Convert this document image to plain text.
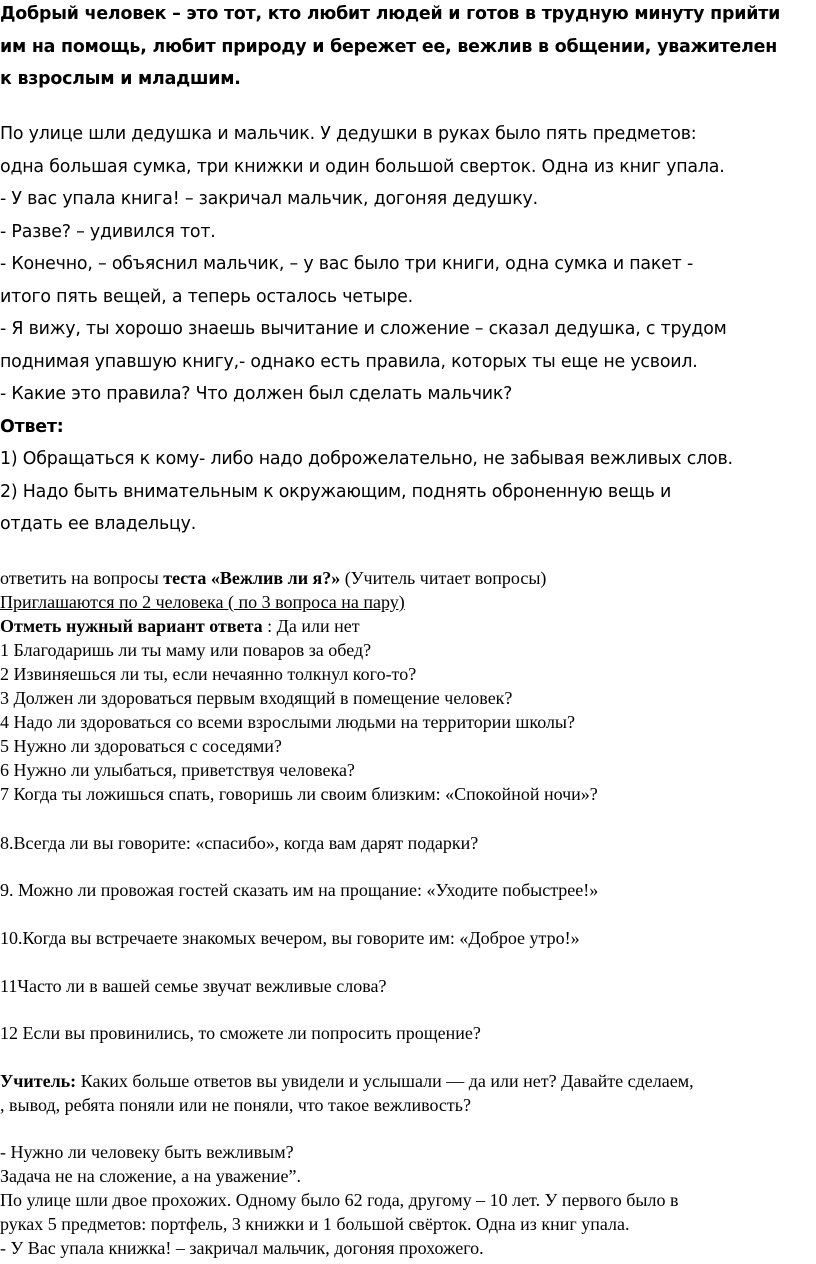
Добрый человек – это тот, кто любит людей и готов в трудную минуту прийти
им на помощь, любит природу и бережет ее, вежлив в общении, уважителен
к взрослым и младшим.
По улице шли дедушка и мальчик. У дедушки в руках было пять предметов:
одна большая сумка, три книжки и один большой сверток. Одна из книг упала.
- У вас упала книга! – закричал мальчик, догоняя дедушку.
- Разве? – удивился тот.
- Конечно, – объяснил мальчик, – у вас было три книги, одна сумка и пакет -
итого пять вещей, а теперь осталось четыре.
- Я вижу, ты хорошо знаешь вычитание и сложение – сказал дедушка, с трудом
поднимая упавшую книгу,- однако есть правила, которых ты еще не усвоил.
- Какие это правила? Что должен был сделать мальчик?
Ответ:
1) Обращаться к кому- либо надо доброжелательно, не забывая вежливых слов.
2) Надо быть внимательным к окружающим, поднять оброненную вещь и
отдать ее владельцу.
ответить на вопросы теста «Вежлив ли я?» (Учитель читает вопросы)
Приглашаются по 2 человека ( по 3 вопроса на пару)
Отметь нужный вариант ответа : Да или нет
1 Благодаришь ли ты маму или поваров за обед?
2 Извиняешься ли ты, если нечаянно толкнул кого-то?
3 Должен ли здороваться первым входящий в помещение человек?
4 Надо ли здороваться со всеми взрослыми людьми на территории школы?
5 Нужно ли здороваться с соседями?
6 Нужно ли улыбаться, приветствуя человека?
7 Когда ты ложишься спать, говоришь ли своим близким: «Спокойной ночи»?
8.Всегда ли вы говорите: «спасибо», когда вам дарят подарки?
9. Можно ли провожая гостей сказать им на прощание: «Уходите побыстрее!»
10.Когда вы встречаете знакомых вечером, вы говорите им: «Доброе утро!»
11Часто ли в вашей семье звучат вежливые слова?
12 Если вы провинились, то сможете ли попросить прощение?
Учитель: Каких больше ответов вы увидели и услышали — да или нет? Давайте сделаем,
, вывод, ребята поняли или не поняли, что такое вежливость?
- Нужно ли человеку быть вежливым?
Задача не на сложение, а на уважение”.
По улице шли двое прохожих. Одному было 62 года, другому – 10 лет. У первого было в
руках 5 предметов: портфель, 3 книжки и 1 большой свёрток. Одна из книг упала.
- У Вас упала книжка! – закричал мальчик, догоняя прохожего.
